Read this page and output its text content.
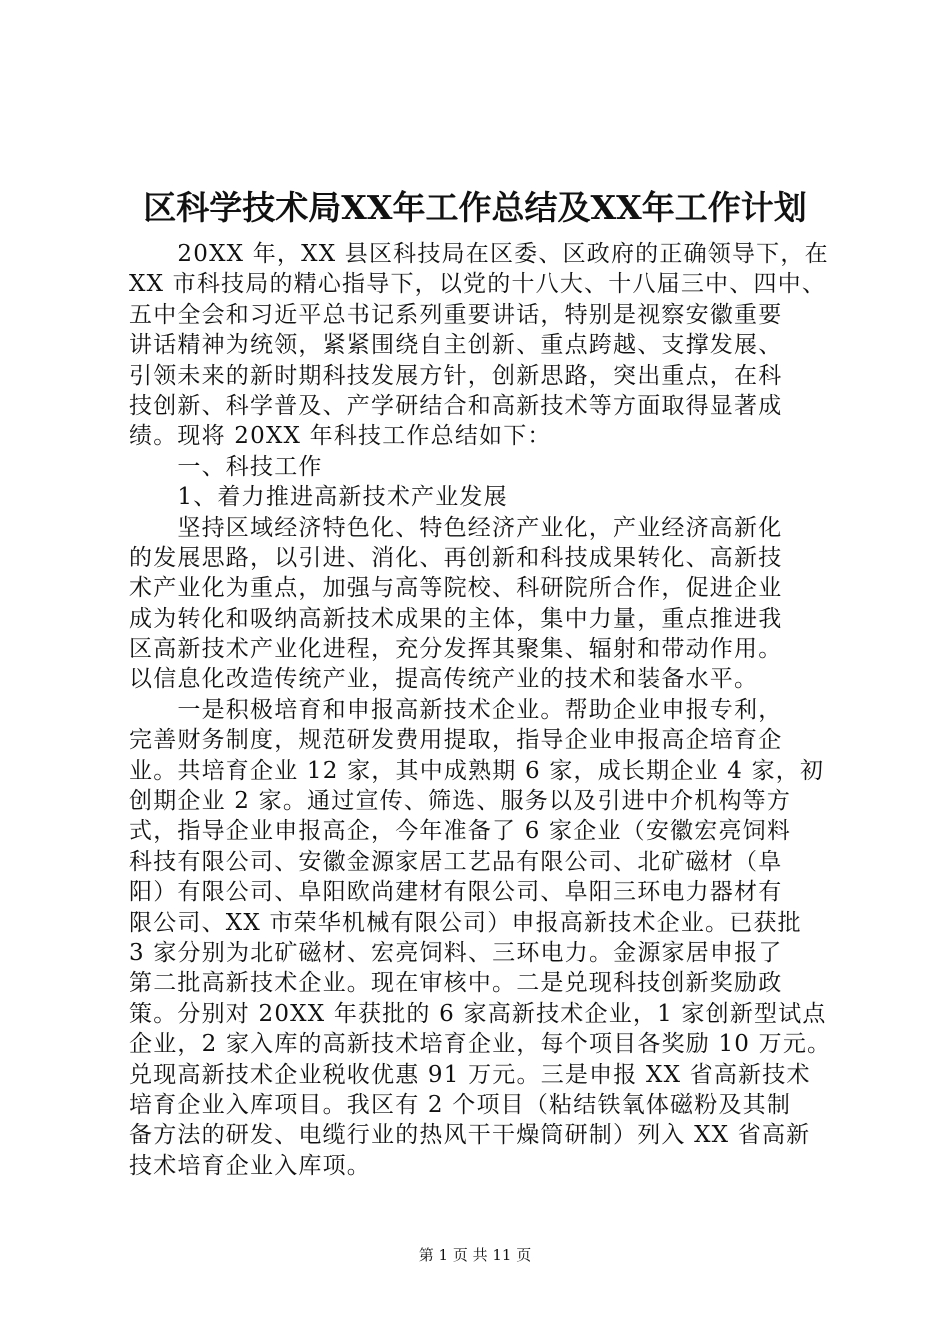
区科学技术局XX年工作总结及XX年工作计划
　　20XX 年，XX 县区科技局在区委、区政府的正确领导下，在
XX 市科技局的精心指导下，以党的十八大、十八届三中、四中、
五中全会和习近平总书记系列重要讲话，特别是视察安徽重要
讲话精神为统领，紧紧围绕自主创新、重点跨越、支撑发展、
引领未来的新时期科技发展方针，创新思路，突出重点，在科
技创新、科学普及、产学研结合和高新技术等方面取得显著成
绩。现将 20XX 年科技工作总结如下：
　　一、科技工作
　　1、着力推进高新技术产业发展
　　坚持区域经济特色化、特色经济产业化，产业经济高新化
的发展思路，以引进、消化、再创新和科技成果转化、高新技
术产业化为重点，加强与高等院校、科研院所合作，促进企业
成为转化和吸纳高新技术成果的主体，集中力量，重点推进我
区高新技术产业化进程，充分发挥其聚集、辐射和带动作用。
以信息化改造传统产业，提高传统产业的技术和装备水平。
　　一是积极培育和申报高新技术企业。帮助企业申报专利，
完善财务制度，规范研发费用提取，指导企业申报高企培育企
业。共培育企业 12 家，其中成熟期 6 家，成长期企业 4 家，初
创期企业 2 家。通过宣传、筛选、服务以及引进中介机构等方
式，指导企业申报高企，今年准备了 6 家企业（安徽宏亮饲料
科技有限公司、安徽金源家居工艺品有限公司、北矿磁材（阜
阳）有限公司、阜阳欧尚建材有限公司、阜阳三环电力器材有
限公司、XX 市荣华机械有限公司）申报高新技术企业。已获批
3 家分别为北矿磁材、宏亮饲料、三环电力。金源家居申报了
第二批高新技术企业。现在审核中。二是兑现科技创新奖励政
策。分别对 20XX 年获批的 6 家高新技术企业，1 家创新型试点
企业，2 家入库的高新技术培育企业，每个项目各奖励 10 万元。
兑现高新技术企业税收优惠 91 万元。三是申报 XX 省高新技术
培育企业入库项目。我区有 2 个项目（粘结铁氧体磁粉及其制
备方法的研发、电缆行业的热风干干燥筒研制）列入 XX 省高新
技术培育企业入库项。
第 1 页 共 11 页
